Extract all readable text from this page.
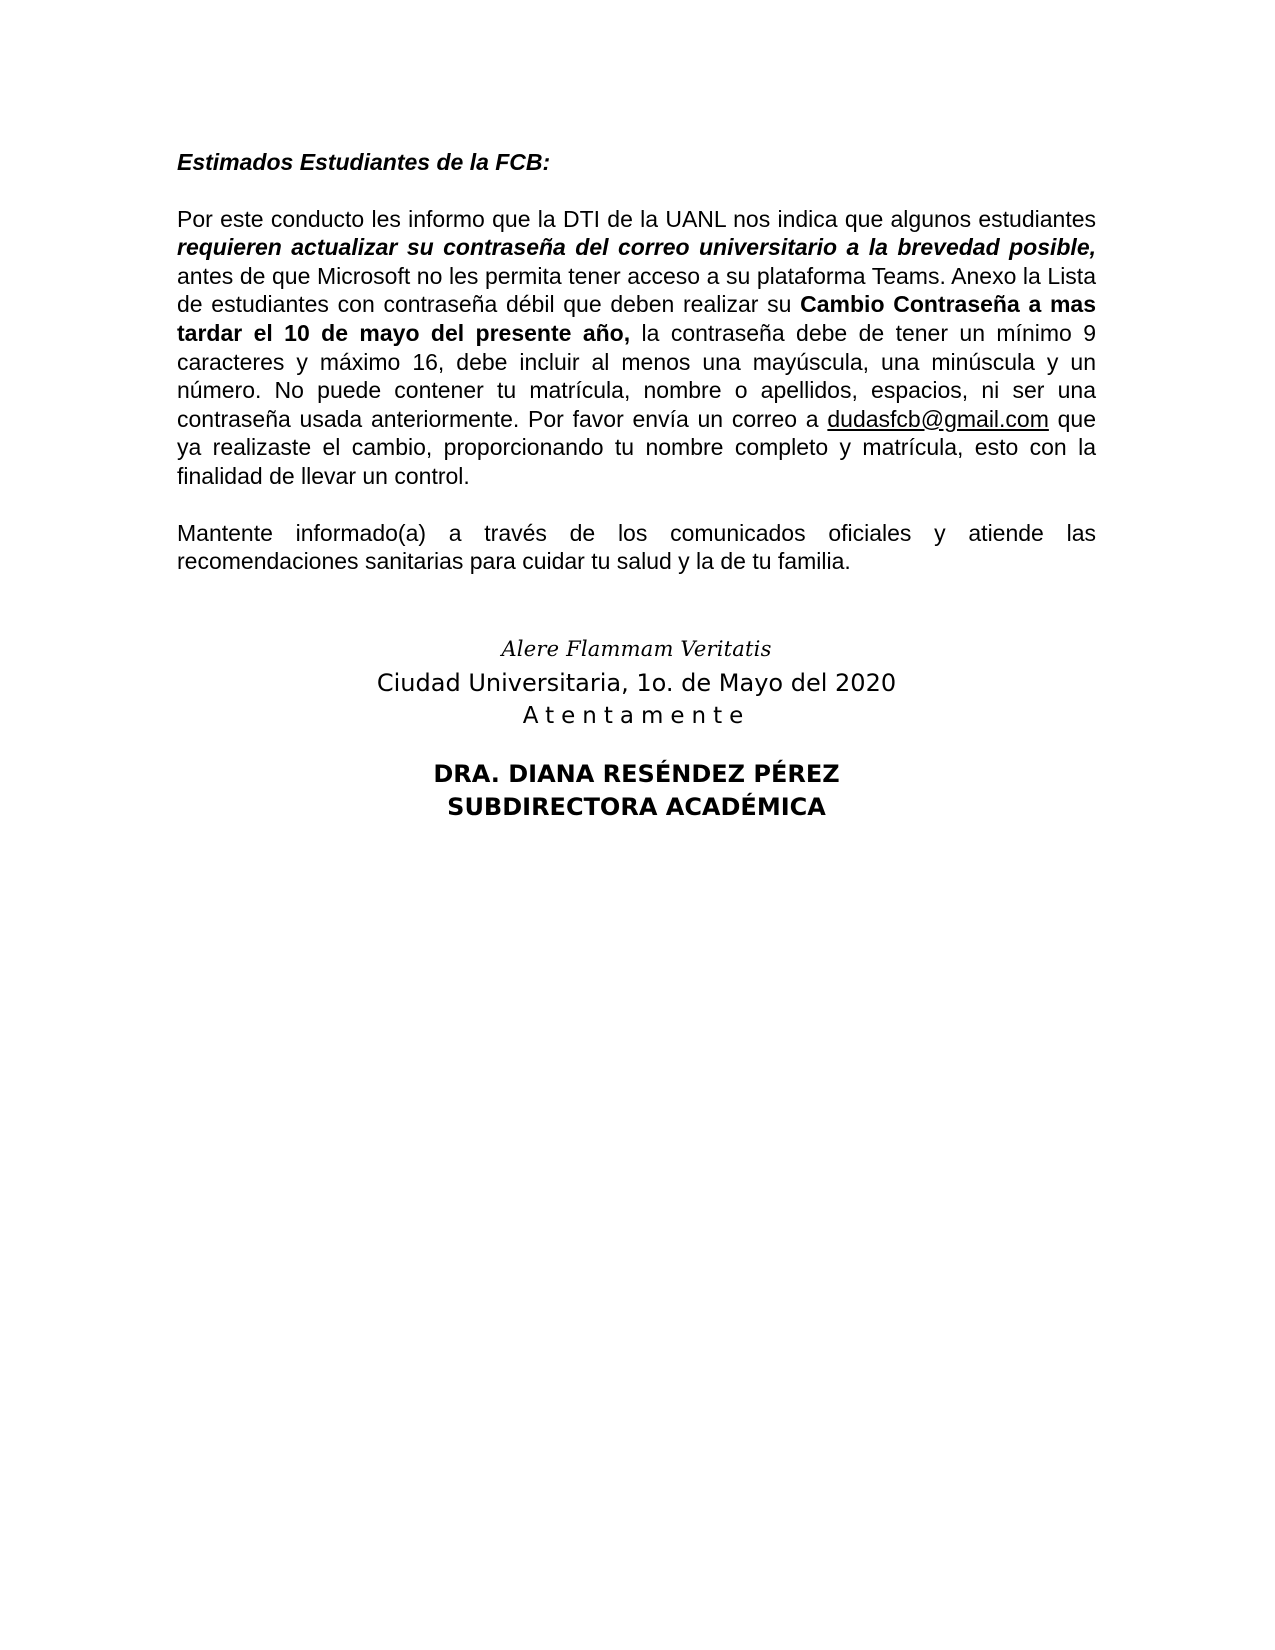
Estimados Estudiantes de la FCB:

Por este conducto les informo que la DTI de la UANL nos indica que algunos estudiantes requieren actualizar su contraseña del correo universitario a la brevedad posible, antes de que Microsoft no les permita tener acceso a su plataforma Teams. Anexo la Lista de estudiantes con contraseña débil que deben realizar su Cambio Contraseña a mas tardar el 10 de mayo del presente año, la contraseña debe de tener un mínimo 9 caracteres y máximo 16, debe incluir al menos una mayúscula, una minúscula y un número. No puede contener tu matrícula, nombre o apellidos, espacios, ni ser una contraseña usada anteriormente. Por favor envía un correo a dudasfcb@gmail.com que ya realizaste el cambio, proporcionando tu nombre completo y matrícula, esto con la finalidad de llevar un control.

Mantente informado(a) a través de los comunicados oficiales y atiende las recomendaciones sanitarias para cuidar tu salud y la de tu familia.

Alere Flammam Veritatis
Ciudad Universitaria, 1o. de Mayo del 2020
Atentamente
DRA. DIANA RESÉNDEZ PÉREZ
SUBDIRECTORA ACADÉMICA
